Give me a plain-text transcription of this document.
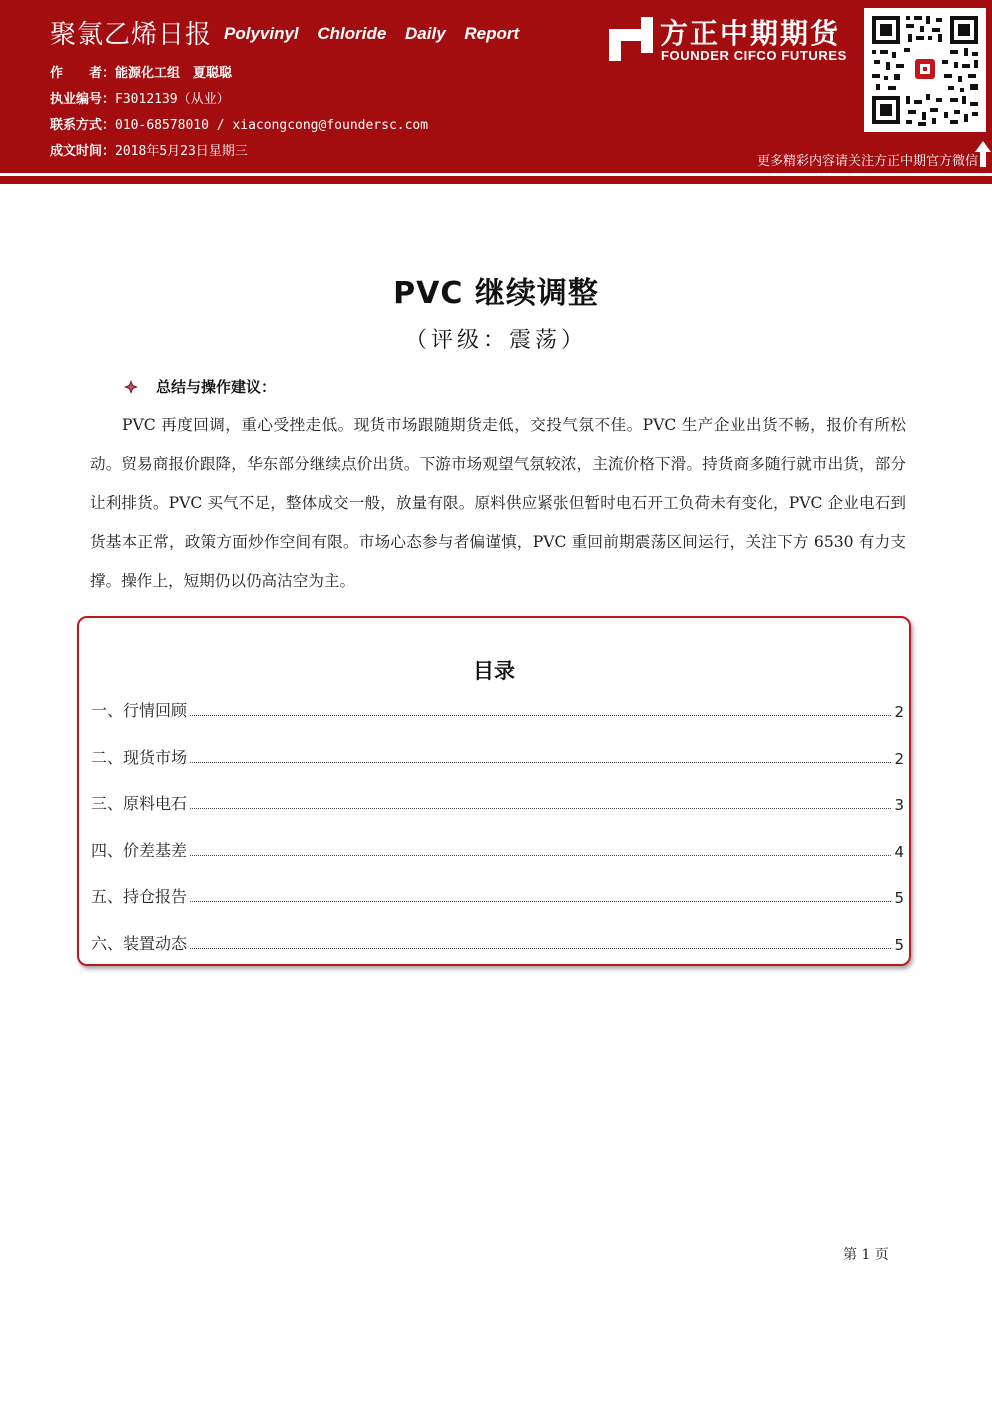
聚氯乙烯日报 Polyvinyl Chloride Daily Report
作　　者：能源化工组　夏聪聪
执业编号：F3012139（从业）
联系方式：010-68578010 / xiacongcong@foundersc.com
成文时间：2018年5月23日星期三
方正中期期货
FOUNDER CIFCO FUTURES
更多精彩内容请关注方正中期官方微信
PVC 继续调整
（评级：震荡）
总结与操作建议：
PVC 再度回调，重心受挫走低。现货市场跟随期货走低，交投气氛不佳。PVC 生产企业出货不畅，报价有所松动。贸易商报价跟降，华东部分继续点价出货。下游市场观望气氛较浓，主流价格下滑。持货商多随行就市出货，部分让利排货。PVC 买气不足，整体成交一般，放量有限。原料供应紧张但暂时电石开工负荷未有变化，PVC 企业电石到货基本正常，政策方面炒作空间有限。市场心态参与者偏谨慎，PVC 重回前期震荡区间运行，关注下方 6530 有力支撑。操作上，短期仍以仍高沽空为主。
目录
一、行情回顾	2
二、现货市场	2
三、原料电石	3
四、价差基差	4
五、持仓报告	5
六、装置动态	5
第 1 页
